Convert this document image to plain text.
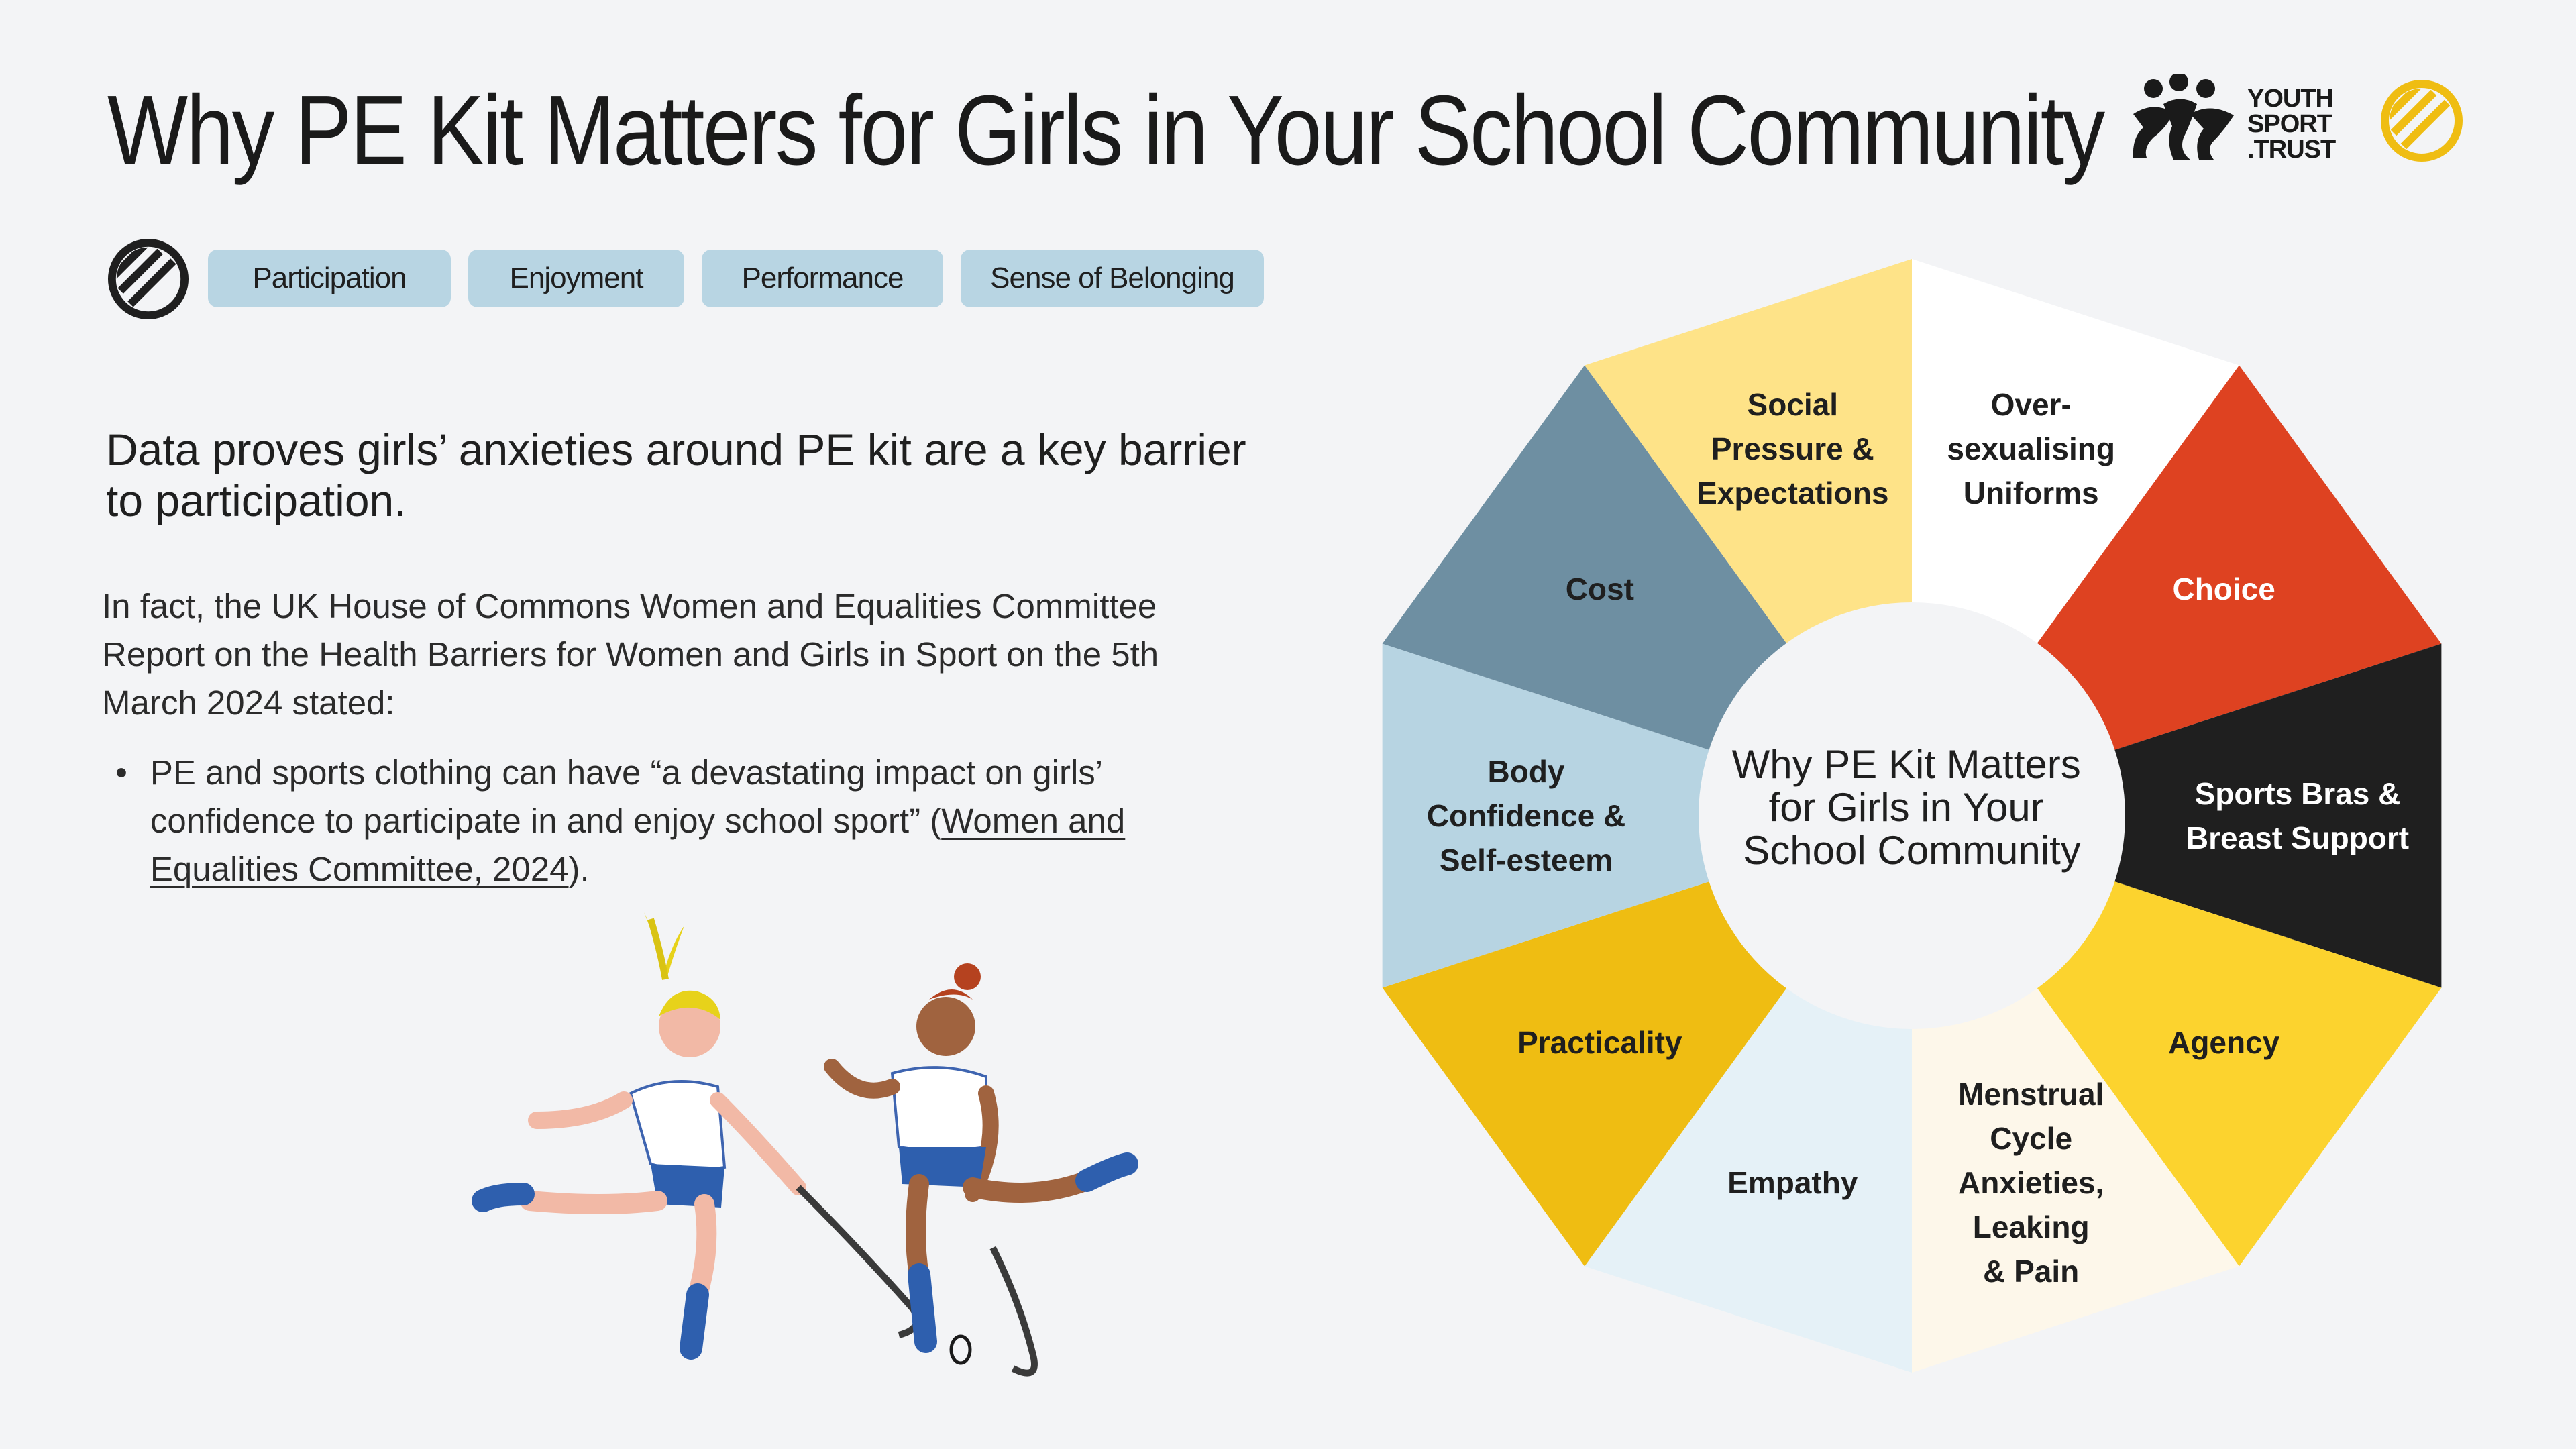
Why PE Kit Matters for Girls in Your School Community	YOUTH
SPORT
.TRUST
Participation	Enjoyment	Performance	Sense of Belonging

Data proves girls’ anxieties around PE kit are a key barrier to participation.

In fact, the UK House of Commons Women and Equalities Committee Report on the Health Barriers for Women and Girls in Sport on the 5th March 2024 stated:

• PE and sports clothing can have “a devastating impact on girls’ confidence to participate in and enjoy school sport” (Women and Equalities Committee, 2024).
Over-sexualising Uniforms
Choice
Sports Bras & Breast Support
Agency
Menstrual Cycle Anxieties, Leaking & Pain
Empathy
Practicality
Body Confidence & Self-esteem
Cost
Social Pressure & Expectations
Why PE Kit Matters for Girls in Your School Community
